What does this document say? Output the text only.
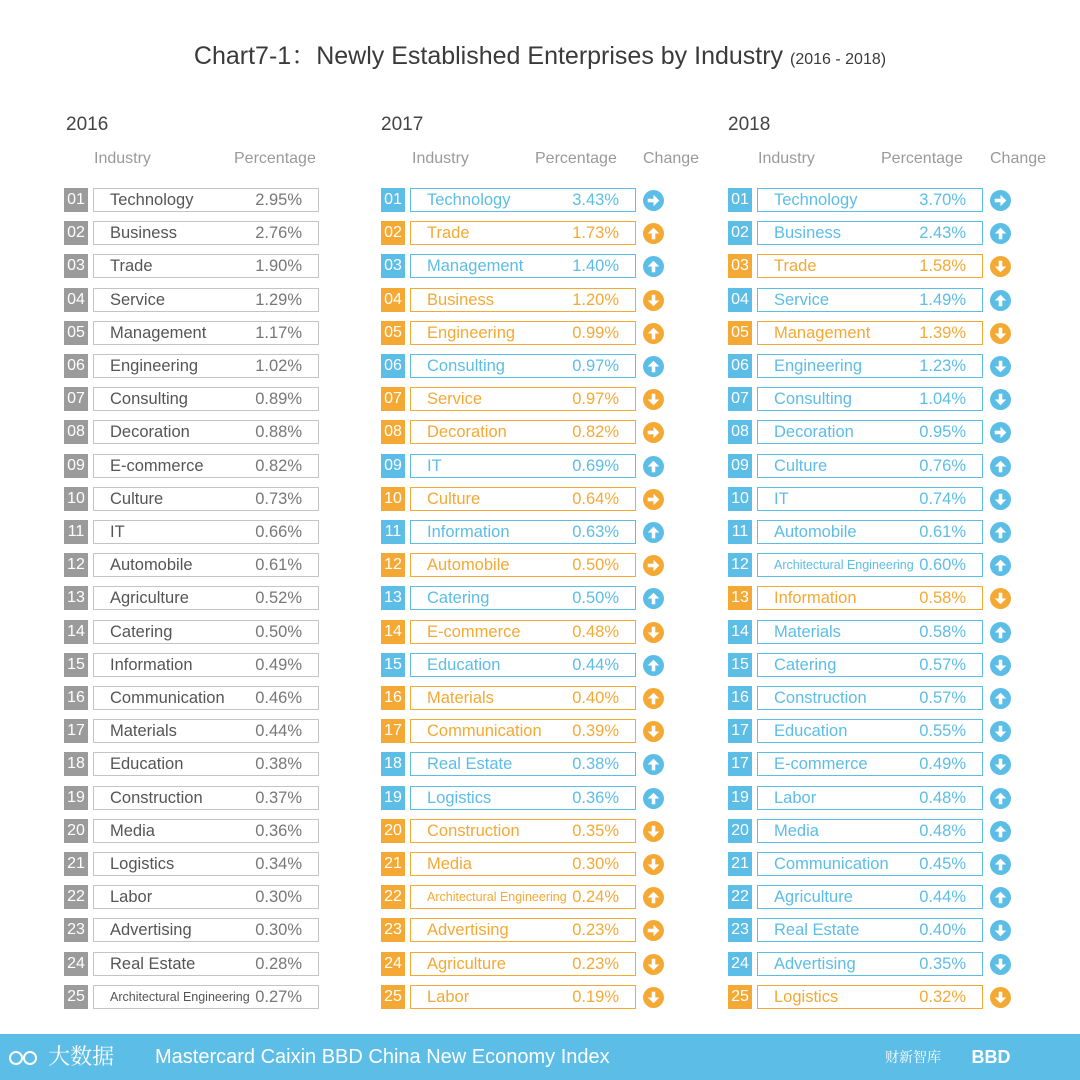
Chart7-1：Newly Established Enterprises by Industry (2016 - 2018)
2016
Industry	Percentage
01 Technology	2.95%
02 Business	2.76%
03 Trade	1.90%
04 Service	1.29%
05 Management	1.17%
06 Engineering	1.02%
07 Consulting	0.89%
08 Decoration	0.88%
09 E-commerce	0.82%
10 Culture	0.73%
11 IT	0.66%
12 Automobile	0.61%
13 Agriculture	0.52%
14 Catering	0.50%
15 Information	0.49%
16 Communication 0.46%
17 Materials	0.44%
18 Education	0.38%
19 Construction	0.37%
20 Media	0.36%
21 Logistics	0.34%
22 Labor	0.30%
23 Advertising	0.30%
24 Real Estate	0.28%
25 Architectural Engineering 0.27%
2017
Industry	Percentage Change
01 Technology	3.43%
02 Trade	1.73%
03 Management	1.40%
04 Business	1.20%
05 Engineering	0.99%
06 Consulting	0.97%
07 Service	0.97%
08 Decoration	0.82%
09 IT	0.69%
10 Culture	0.64%
11 Information	0.63%
12 Automobile	0.50%
13 Catering	0.50%
14 E-commerce	0.48%
15 Education	0.44%
16 Materials	0.40%
17 Communication 0.39%
18 Real Estate	0.38%
19 Logistics	0.36%
20 Construction	0.35%
21 Media	0.30%
22 Architectural Engineering 0.24%
23 Advertising	0.23%
24 Agriculture	0.23%
25 Labor	0.19%
2018
Industry	Percentage Change
01 Technology	3.70%
02 Business	2.43%
03 Trade	1.58%
04 Service	1.49%
05 Management	1.39%
06 Engineering	1.23%
07 Consulting	1.04%
08 Decoration	0.95%
09 Culture	0.76%
10 IT	0.74%
11 Automobile	0.61%
12 Architectural Engineering 0.60%
13 Information	0.58%
14 Materials	0.58%
15 Catering	0.57%
16 Construction	0.57%
17 Education	0.55%
17 E-commerce	0.49%
19 Labor	0.48%
20 Media	0.48%
21 Communication 0.45%
22 Agriculture	0.44%
23 Real Estate	0.40%
24 Advertising	0.35%
25 Logistics	0.32%
大数据	Mastercard Caixin BBD China New Economy Index	财新智库 BBD
